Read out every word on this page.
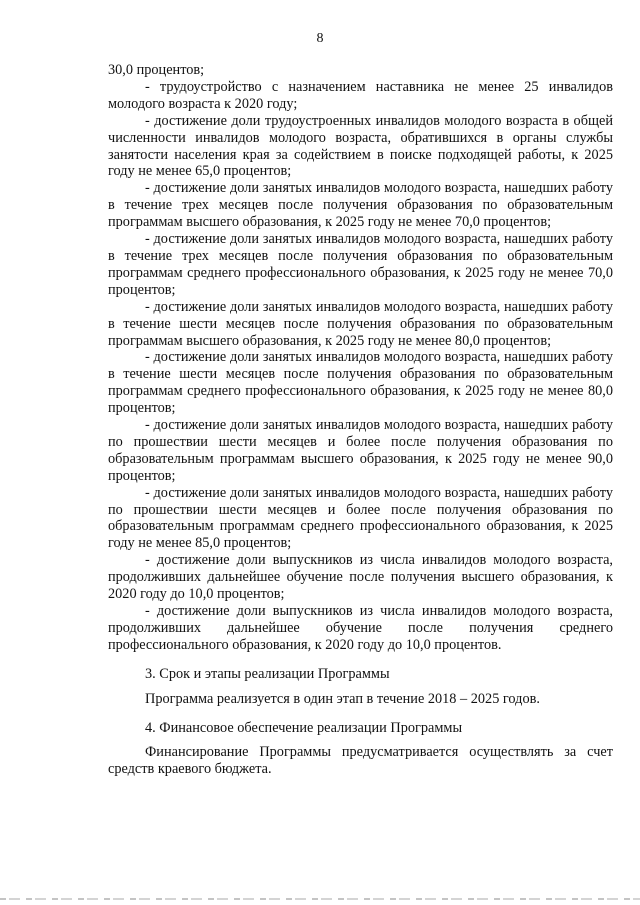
8

30,0 процентов;

- трудоустройство с назначением наставника не менее 25 инвалидов молодого возраста к 2020 году;

- достижение доли трудоустроенных инвалидов молодого возраста в общей численности инвалидов молодого возраста, обратившихся в органы службы занятости населения края за содействием в поиске подходящей работы, к 2025 году не менее 65,0 процентов;

- достижение доли занятых инвалидов молодого возраста, нашедших работу в течение трех месяцев после получения образования по образовательным программам высшего образования, к 2025 году не менее 70,0 процентов;

- достижение доли занятых инвалидов молодого возраста, нашедших работу в течение трех месяцев после получения образования по образовательным программам среднего профессионального образования, к 2025 году не менее 70,0 процентов;

- достижение доли занятых инвалидов молодого возраста, нашедших работу в течение шести месяцев после получения образования по образовательным программам высшего образования, к 2025 году не менее 80,0 процентов;

- достижение доли занятых инвалидов молодого возраста, нашедших работу в течение шести месяцев после получения образования по образовательным программам среднего профессионального образования, к 2025 году не менее 80,0 процентов;

- достижение доли занятых инвалидов молодого возраста, нашедших работу по прошествии шести месяцев и более после получения образования по образовательным программам высшего образования, к 2025 году не менее 90,0 процентов;

- достижение доли занятых инвалидов молодого возраста, нашедших работу по прошествии шести месяцев и более после получения образования по образовательным программам среднего профессионального образования, к 2025 году не менее 85,0 процентов;

- достижение доли выпускников из числа инвалидов молодого возраста, продолживших дальнейшее обучение после получения высшего образования, к 2020 году до 10,0 процентов;

- достижение доли выпускников из числа инвалидов молодого возраста, продолживших дальнейшее обучение после получения среднего профессионального образования, к 2020 году до 10,0 процентов.

3. Срок и этапы реализации Программы

Программа реализуется в один этап в течение 2018 – 2025 годов.

4. Финансовое обеспечение реализации Программы

Финансирование Программы предусматривается осуществлять за счет средств краевого бюджета.
